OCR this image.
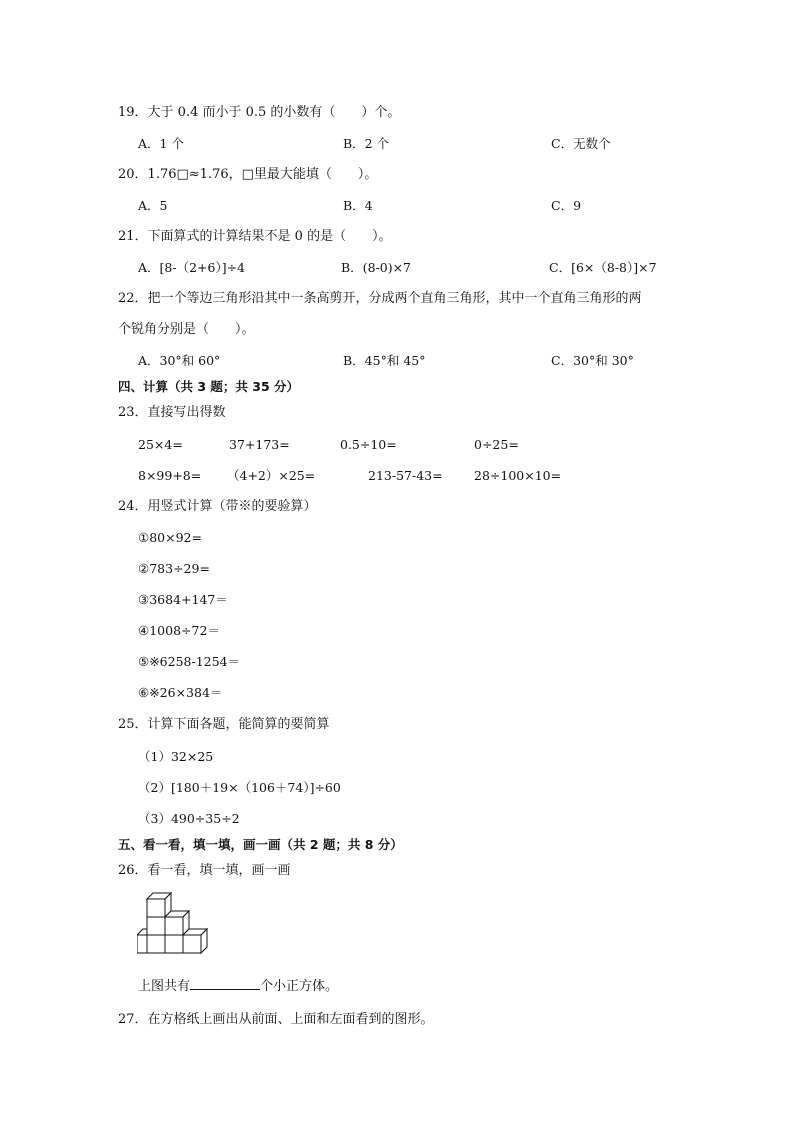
19．大于 0.4 而小于 0.5 的小数有（　　）个。
A．1 个	B．2 个	C．无数个
20．1.76□≈1.76，□里最大能填（　　）。
A．5	B．4	C．9
21．下面算式的计算结果不是 0 的是（　　）。
A．[8-（2+6）]÷4	B．(8-0)×7	C．[6×（8-8）]×7
22．把一个等边三角形沿其中一条高剪开，分成两个直角三角形，其中一个直角三角形的两
个锐角分别是（　　）。
A．30°和 60°	B．45°和 45°	C．30°和 30°
四、计算（共 3 题；共 35 分）
23．直接写出得数
25×4=	37+173=	0.5÷10=	0÷25=
8×99+8= （4+2）×25=	213-57-43=	28÷100×10=
24．用竖式计算（带※的要验算）
①80×92=
②783÷29=
③3684+147＝
④1008÷72＝
⑤※6258-1254＝
⑥※26×384＝
25．计算下面各题，能简算的要简算
（1）32×25
（2）[180＋19×（106＋74）]÷60
（3）490÷35÷2
五、看一看，填一填，画一画（共 2 题；共 8 分）
26．看一看，填一填，画一画
上图共有	个小正方体。
27．在方格纸上画出从前面、上面和左面看到的图形。
